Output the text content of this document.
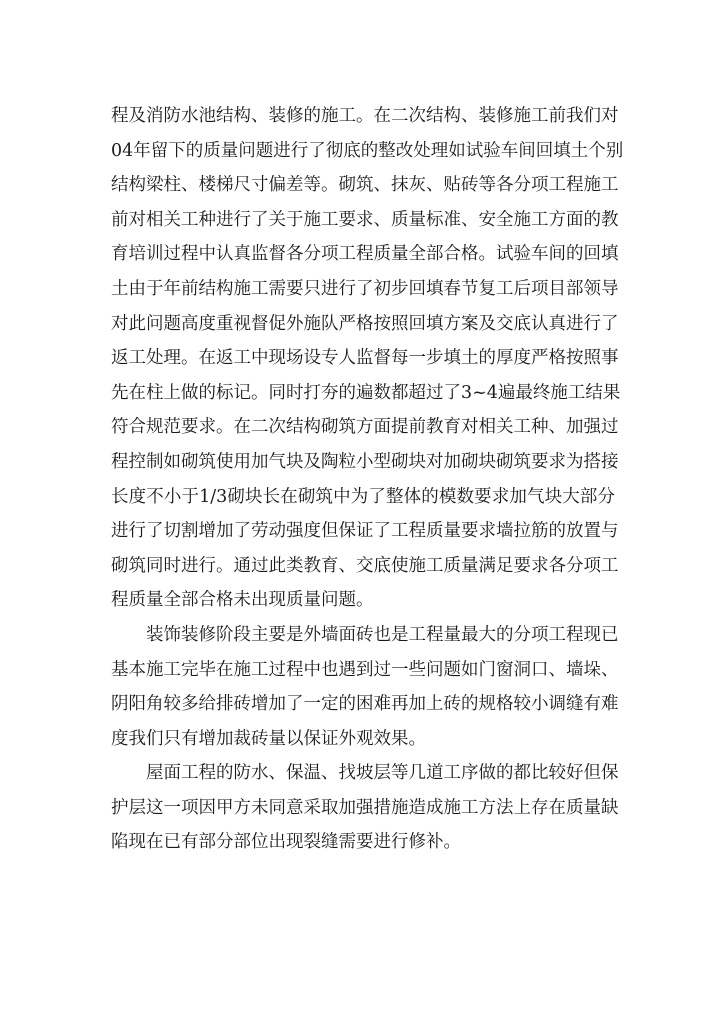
程及消防水池结构、装修的施工。在二次结构、装修施工前我们对
04年留下的质量问题进行了彻底的整改处理如试验车间回填土个别
结构梁柱、楼梯尺寸偏差等。砌筑、抹灰、贴砖等各分项工程施工
前对相关工种进行了关于施工要求、质量标准、安全施工方面的教
育培训过程中认真监督各分项工程质量全部合格。试验车间的回填
土由于年前结构施工需要只进行了初步回填春节复工后项目部领导
对此问题高度重视督促外施队严格按照回填方案及交底认真进行了
返工处理。在返工中现场设专人监督每一步填土的厚度严格按照事
先在柱上做的标记。同时打夯的遍数都超过了3~4遍最终施工结果
符合规范要求。在二次结构砌筑方面提前教育对相关工种、加强过
程控制如砌筑使用加气块及陶粒小型砌块对加砌块砌筑要求为搭接
长度不小于1/3砌块长在砌筑中为了整体的模数要求加气块大部分
进行了切割增加了劳动强度但保证了工程质量要求墙拉筋的放置与
砌筑同时进行。通过此类教育、交底使施工质量满足要求各分项工
程质量全部合格未出现质量问题。

装饰装修阶段主要是外墙面砖也是工程量最大的分项工程现已
基本施工完毕在施工过程中也遇到过一些问题如门窗洞口、墙垛、
阴阳角较多给排砖增加了一定的困难再加上砖的规格较小调缝有难
度我们只有增加裁砖量以保证外观效果。

屋面工程的防水、保温、找坡层等几道工序做的都比较好但保
护层这一项因甲方未同意采取加强措施造成施工方法上存在质量缺
陷现在已有部分部位出现裂缝需要进行修补。
